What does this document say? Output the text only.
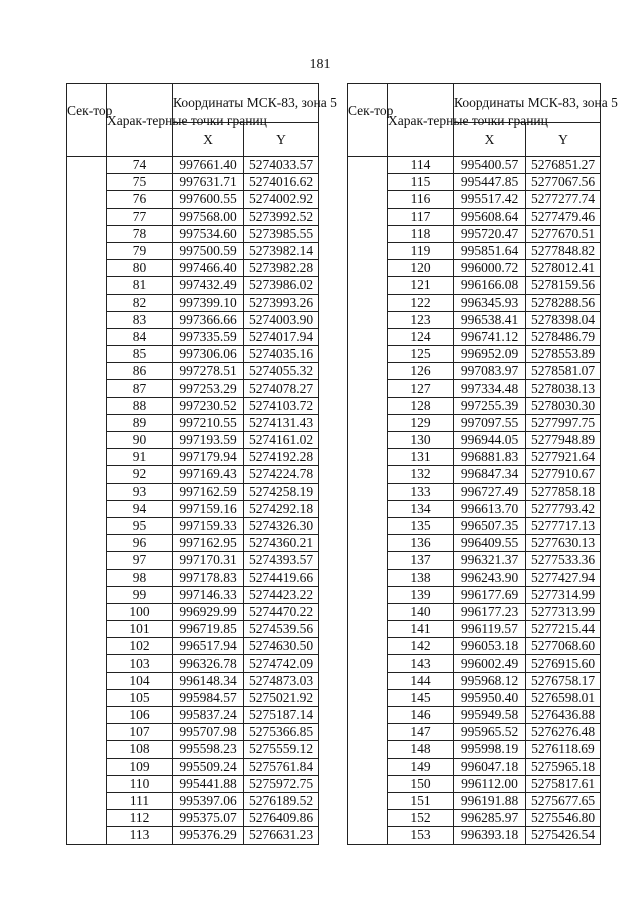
181
Сек-тор	Харак-терные точки границ	Координаты МСК-83, зона 5	
		X	Y
	74	997661.40	5274033.57
	75	997631.71	5274016.62
	76	997600.55	5274002.92
	77	997568.00	5273992.52
	78	997534.60	5273985.55
	79	997500.59	5273982.14
	80	997466.40	5273982.28
	81	997432.49	5273986.02
	82	997399.10	5273993.26
	83	997366.66	5274003.90
	84	997335.59	5274017.94
	85	997306.06	5274035.16
	86	997278.51	5274055.32
	87	997253.29	5274078.27
	88	997230.52	5274103.72
	89	997210.55	5274131.43
	90	997193.59	5274161.02
	91	997179.94	5274192.28
	92	997169.43	5274224.78
	93	997162.59	5274258.19
	94	997159.16	5274292.18
	95	997159.33	5274326.30
	96	997162.95	5274360.21
	97	997170.31	5274393.57
	98	997178.83	5274419.66
	99	997146.33	5274423.22
	100	996929.99	5274470.22
	101	996719.85	5274539.56
	102	996517.94	5274630.50
	103	996326.78	5274742.09
	104	996148.34	5274873.03
	105	995984.57	5275021.92
	106	995837.24	5275187.14
	107	995707.98	5275366.85
	108	995598.23	5275559.12
	109	995509.24	5275761.84
	110	995441.88	5275972.75
	111	995397.06	5276189.52
	112	995375.07	5276409.86
	113	995376.29	5276631.23
Сек-тор	Харак-терные точки границ	Координаты МСК-83, зона 5	
		X	Y
	114	995400.57	5276851.27
	115	995447.85	5277067.56
	116	995517.42	5277277.74
	117	995608.64	5277479.46
	118	995720.47	5277670.51
	119	995851.64	5277848.82
	120	996000.72	5278012.41
	121	996166.08	5278159.56
	122	996345.93	5278288.56
	123	996538.41	5278398.04
	124	996741.12	5278486.79
	125	996952.09	5278553.89
	126	997083.97	5278581.07
	127	997334.48	5278038.13
	128	997255.39	5278030.30
	129	997097.55	5277997.75
	130	996944.05	5277948.89
	131	996881.83	5277921.64
	132	996847.34	5277910.67
	133	996727.49	5277858.18
	134	996613.70	5277793.42
	135	996507.35	5277717.13
	136	996409.55	5277630.13
	137	996321.37	5277533.36
	138	996243.90	5277427.94
	139	996177.69	5277314.99
	140	996177.23	5277313.99
	141	996119.57	5277215.44
	142	996053.18	5277068.60
	143	996002.49	5276915.60
	144	995968.12	5276758.17
	145	995950.40	5276598.01
	146	995949.58	5276436.88
	147	995965.52	5276276.48
	148	995998.19	5276118.69
	149	996047.18	5275965.18
	150	996112.00	5275817.61
	151	996191.88	5275677.65
	152	996285.97	5275546.80
	153	996393.18	5275426.54
